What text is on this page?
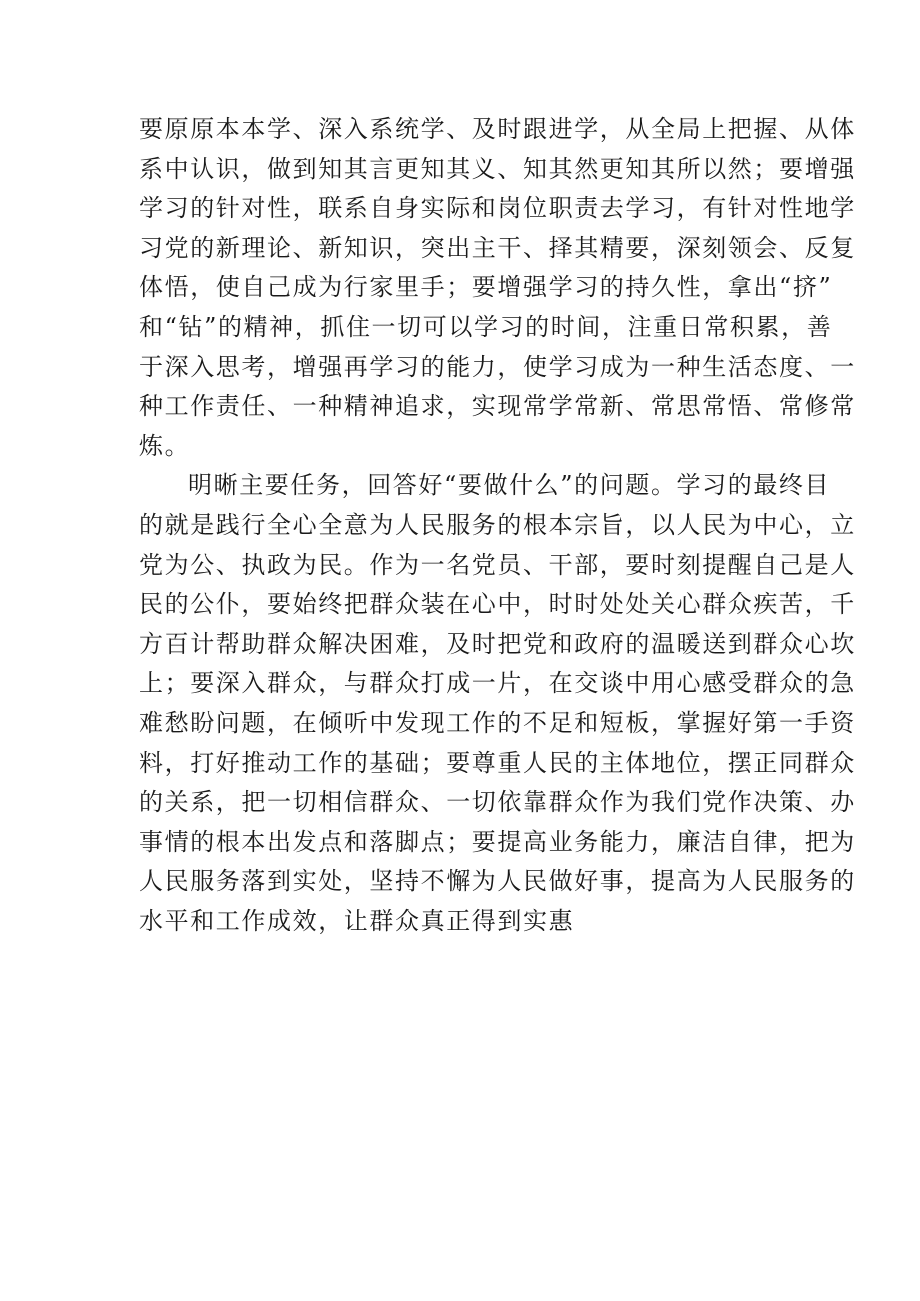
要原原本本学、深入系统学、及时跟进学，从全局上把握、从体
系中认识，做到知其言更知其义、知其然更知其所以然；要增强
学习的针对性，联系自身实际和岗位职责去学习，有针对性地学
习党的新理论、新知识，突出主干、择其精要，深刻领会、反复
体悟，使自己成为行家里手；要增强学习的持久性，拿出“挤”
和“钻”的精神，抓住一切可以学习的时间，注重日常积累，善
于深入思考，增强再学习的能力，使学习成为一种生活态度、一
种工作责任、一种精神追求，实现常学常新、常思常悟、常修常
炼。
明晰主要任务，回答好“要做什么”的问题。学习的最终目
的就是践行全心全意为人民服务的根本宗旨，以人民为中心，立
党为公、执政为民。作为一名党员、干部，要时刻提醒自己是人
民的公仆，要始终把群众装在心中，时时处处关心群众疾苦，千
方百计帮助群众解决困难，及时把党和政府的温暖送到群众心坎
上；要深入群众，与群众打成一片，在交谈中用心感受群众的急
难愁盼问题，在倾听中发现工作的不足和短板，掌握好第一手资
料，打好推动工作的基础；要尊重人民的主体地位，摆正同群众
的关系，把一切相信群众、一切依靠群众作为我们党作决策、办
事情的根本出发点和落脚点；要提高业务能力，廉洁自律，把为
人民服务落到实处，坚持不懈为人民做好事，提高为人民服务的
水平和工作成效，让群众真正得到实惠
